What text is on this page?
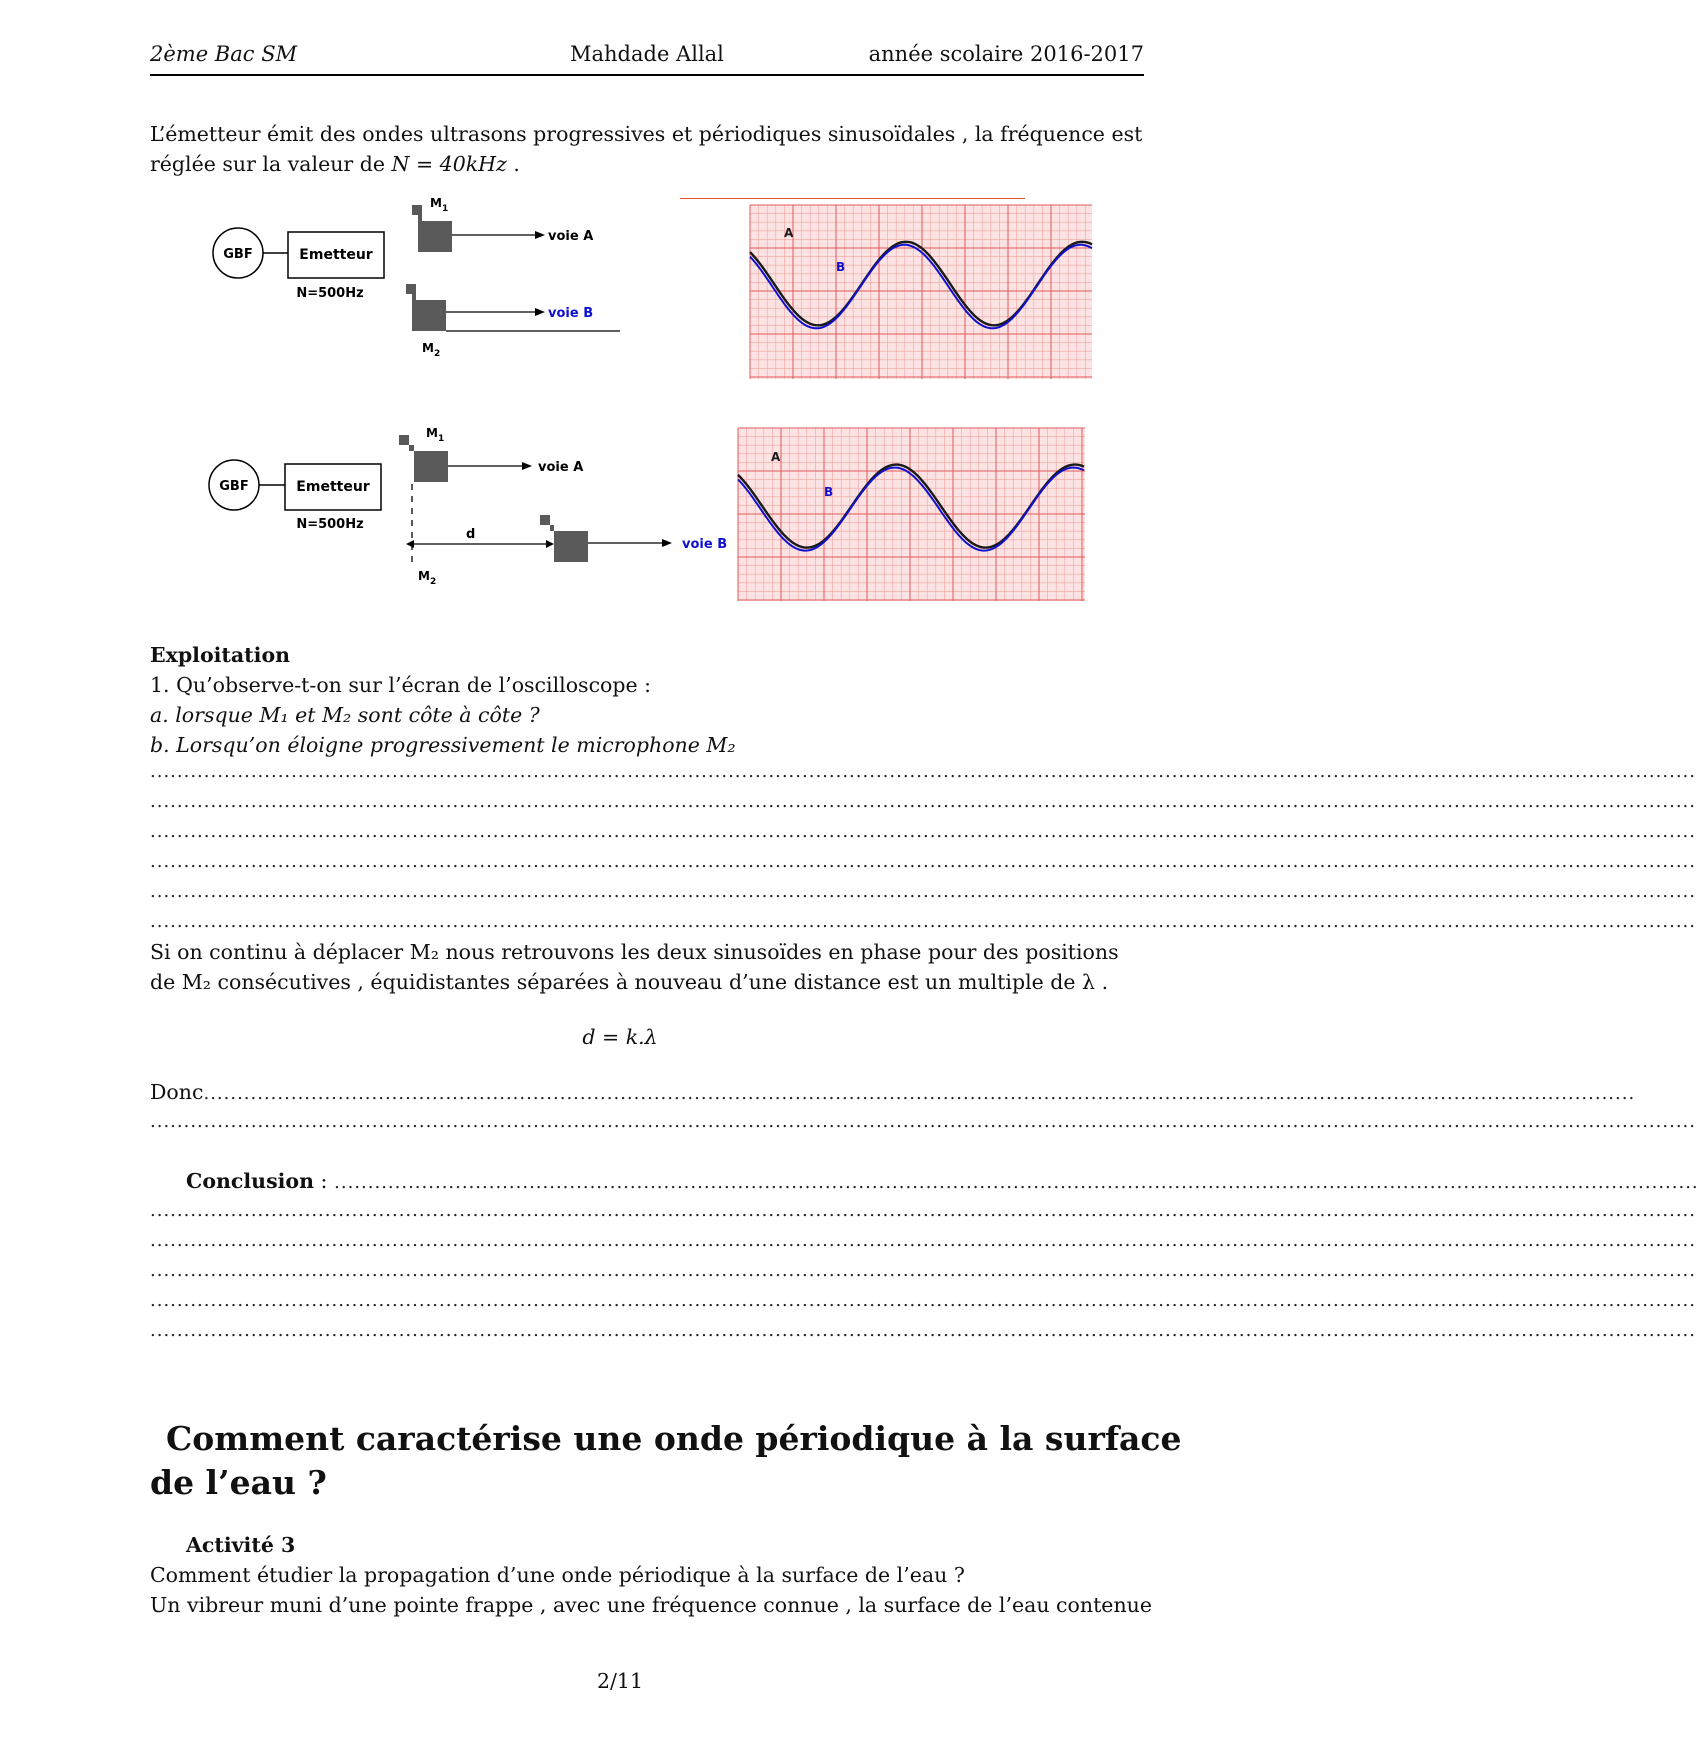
2ème Bac SM	Mahdade Allal	année scolaire 2016-2017
L’émetteur émit des ondes ultrasons progressives et périodiques sinusoïdales , la fréquence est
réglée sur la valeur de N = 40kHz .
GBF	Emetteur
N=500Hz
$M_1$
voie A
$M_2$
voie B
A
B
GBF	Emetteur
N=500Hz
$M_1$
voie A
d
$M_2$
voie B
A
B
Exploitation
1. Qu’observe-t-on sur l’écran de l’oscilloscope :
a. lorsque M₁ et M₂ sont côte à côte ?
b. Lorsqu’on éloigne progressivement le microphone M₂
......................................................................................................................................................................................................................................
......................................................................................................................................................................................................................................
......................................................................................................................................................................................................................................
......................................................................................................................................................................................................................................
......................................................................................................................................................................................................................................
......................................................................................................................................................................................................................................
Si on continu à déplacer M₂ nous retrouvons les deux sinusoïdes en phase pour des positions
de M₂ consécutives , équidistantes séparées à nouveau d’une distance est un multiple de λ .
d = k.λ
Donc.....................................................................................................................................................................................................................
......................................................................................................................................................................................................................................
Conclusion : ...........................................................................................................................................................................................................
......................................................................................................................................................................................................................................
......................................................................................................................................................................................................................................
......................................................................................................................................................................................................................................
......................................................................................................................................................................................................................................
......................................................................................................................................................................................................................................
Comment caractérise une onde périodique à la surface
de l’eau ?
Activité 3
Comment étudier la propagation d’une onde périodique à la surface de l’eau ?
Un vibreur muni d’une pointe frappe , avec une fréquence connue , la surface de l’eau contenue
2/11
